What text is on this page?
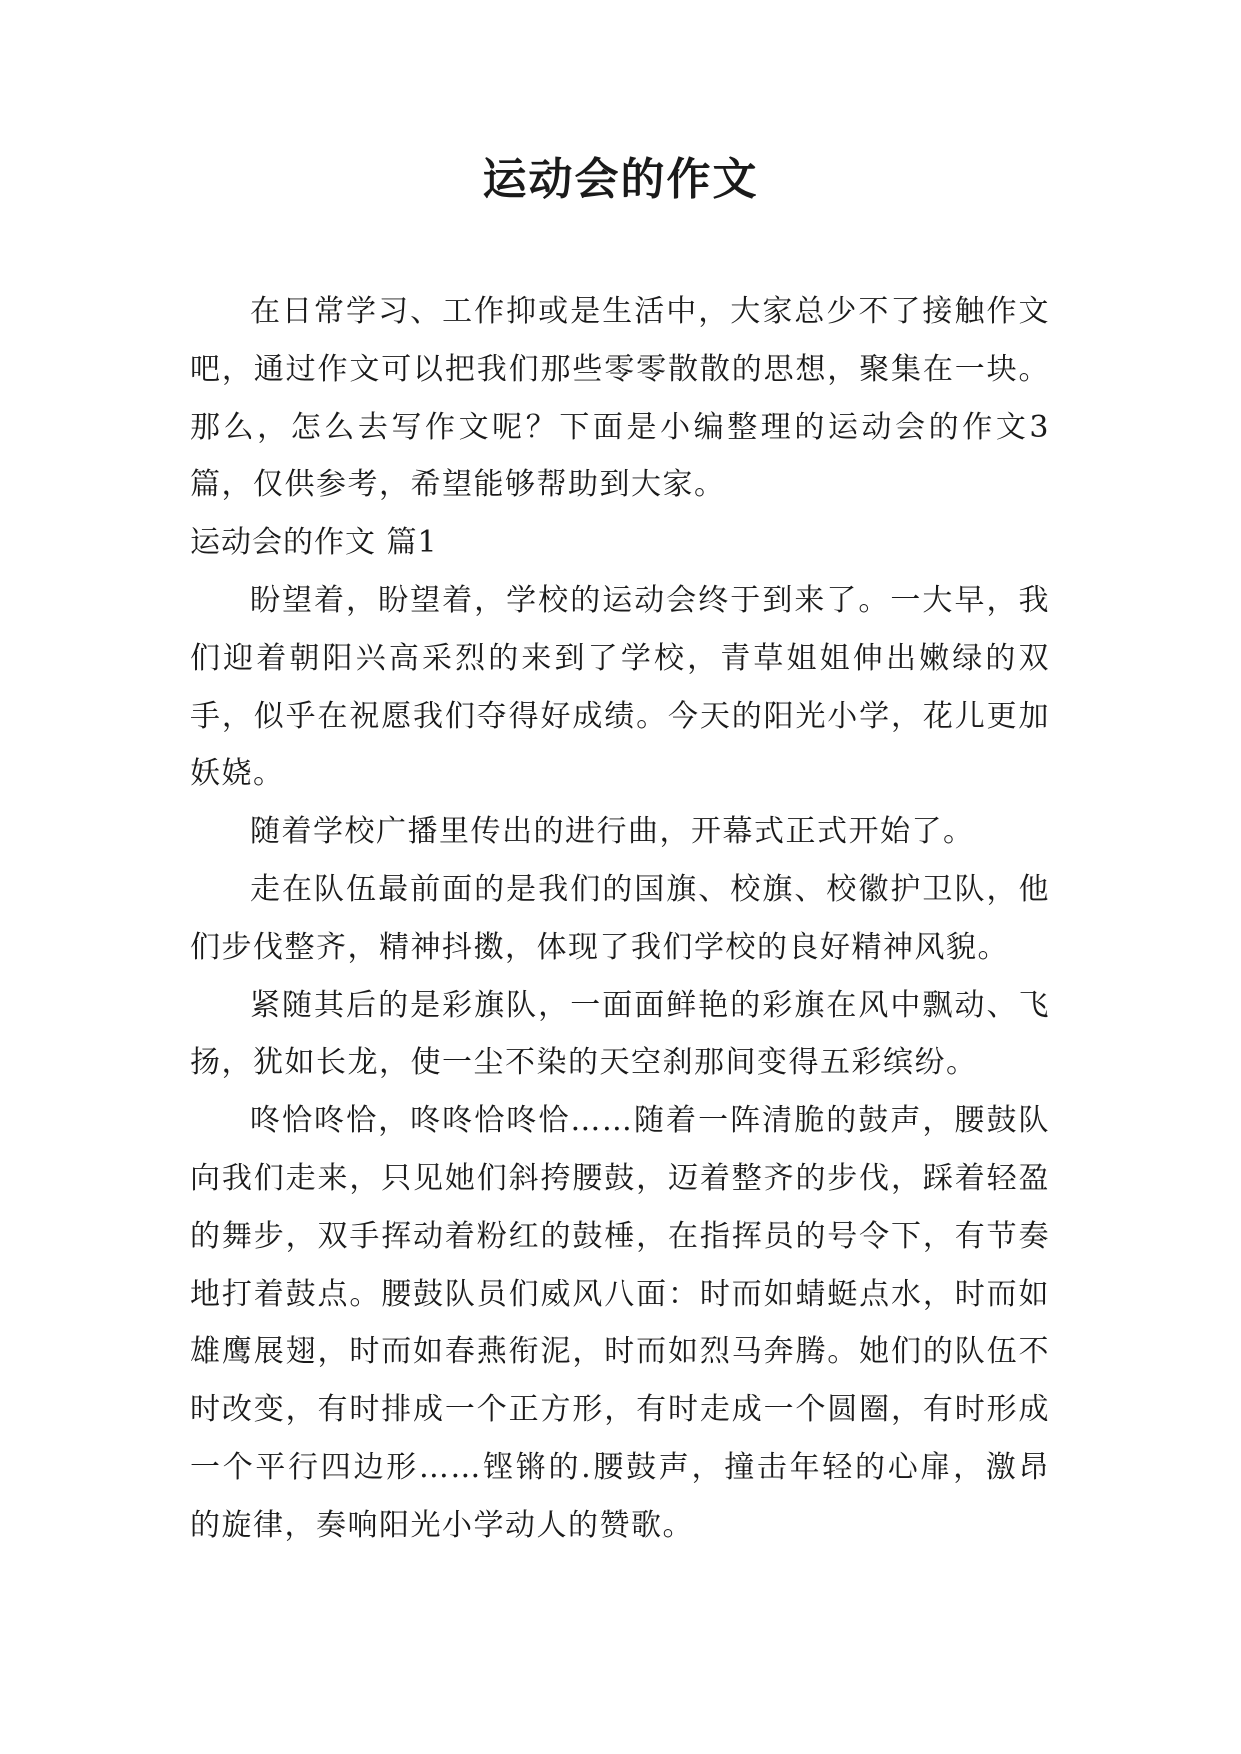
运动会的作文

在日常学习、工作抑或是生活中，大家总少不了接触作文吧，通过作文可以把我们那些零零散散的思想，聚集在一块。那么，怎么去写作文呢？下面是小编整理的运动会的作文3篇，仅供参考，希望能够帮助到大家。

运动会的作文 篇1

盼望着，盼望着，学校的运动会终于到来了。一大早，我们迎着朝阳兴高采烈的来到了学校，青草姐姐伸出嫩绿的双手，似乎在祝愿我们夺得好成绩。今天的阳光小学，花儿更加妖娆。

随着学校广播里传出的进行曲，开幕式正式开始了。

走在队伍最前面的是我们的国旗、校旗、校徽护卫队，他们步伐整齐，精神抖擞，体现了我们学校的良好精神风貌。

紧随其后的是彩旗队，一面面鲜艳的彩旗在风中飘动、飞扬，犹如长龙，使一尘不染的天空刹那间变得五彩缤纷。

咚恰咚恰，咚咚恰咚恰……随着一阵清脆的鼓声，腰鼓队向我们走来，只见她们斜挎腰鼓，迈着整齐的步伐，踩着轻盈的舞步，双手挥动着粉红的鼓棰，在指挥员的号令下，有节奏地打着鼓点。腰鼓队员们威风八面：时而如蜻蜓点水，时而如雄鹰展翅，时而如春燕衔泥，时而如烈马奔腾。她们的队伍不时改变，有时排成一个正方形，有时走成一个圆圈，有时形成一个平行四边形……铿锵的.腰鼓声，撞击年轻的心扉，激昂的旋律，奏响阳光小学动人的赞歌。
